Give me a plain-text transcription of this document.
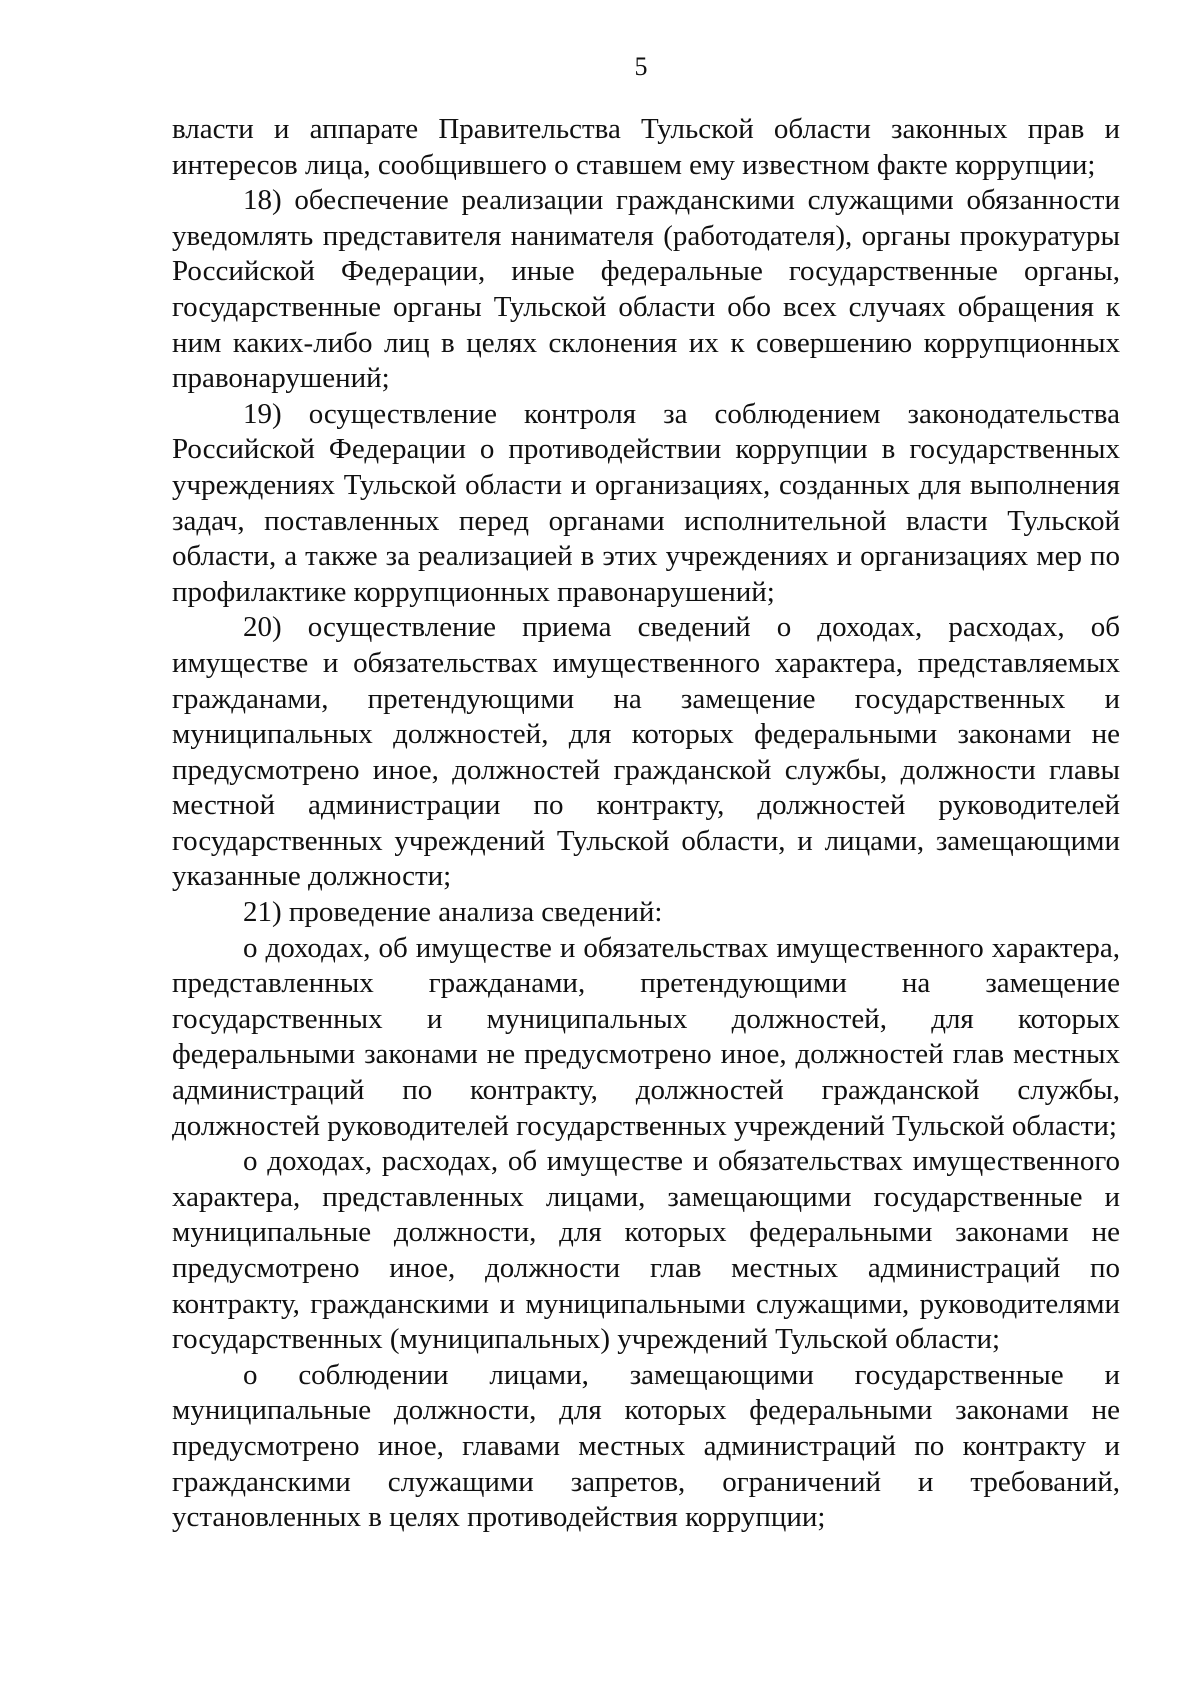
5

власти и аппарате Правительства Тульской области законных прав и интересов лица, сообщившего о ставшем ему известном факте коррупции;

18) обеспечение реализации гражданскими служащими обязанности уведомлять представителя нанимателя (работодателя), органы прокуратуры Российской Федерации, иные федеральные государственные органы, государственные органы Тульской области обо всех случаях обращения к ним каких-либо лиц в целях склонения их к совершению коррупционных правонарушений;

19) осуществление контроля за соблюдением законодательства Российской Федерации о противодействии коррупции в государственных учреждениях Тульской области и организациях, созданных для выполнения задач, поставленных перед органами исполнительной власти Тульской области, а также за реализацией в этих учреждениях и организациях мер по профилактике коррупционных правонарушений;

20) осуществление приема сведений о доходах, расходах, об имуществе и обязательствах имущественного характера, представляемых гражданами, претендующими на замещение государственных и муниципальных должностей, для которых федеральными законами не предусмотрено иное, должностей гражданской службы, должности главы местной администрации по контракту, должностей руководителей государственных учреждений Тульской области, и лицами, замещающими указанные должности;

21) проведение анализа сведений:

о доходах, об имуществе и обязательствах имущественного характера, представленных гражданами, претендующими на замещение государственных и муниципальных должностей, для которых федеральными законами не предусмотрено иное, должностей глав местных администраций по контракту, должностей гражданской службы, должностей руководителей государственных учреждений Тульской области;

о доходах, расходах, об имуществе и обязательствах имущественного характера, представленных лицами, замещающими государственные и муниципальные должности, для которых федеральными законами не предусмотрено иное, должности глав местных администраций по контракту, гражданскими и муниципальными служащими, руководителями государственных (муниципальных) учреждений Тульской области;

о соблюдении лицами, замещающими государственные и муниципальные должности, для которых федеральными законами не предусмотрено иное, главами местных администраций по контракту и гражданскими служащими запретов, ограничений и требований, установленных в целях противодействия коррупции;
